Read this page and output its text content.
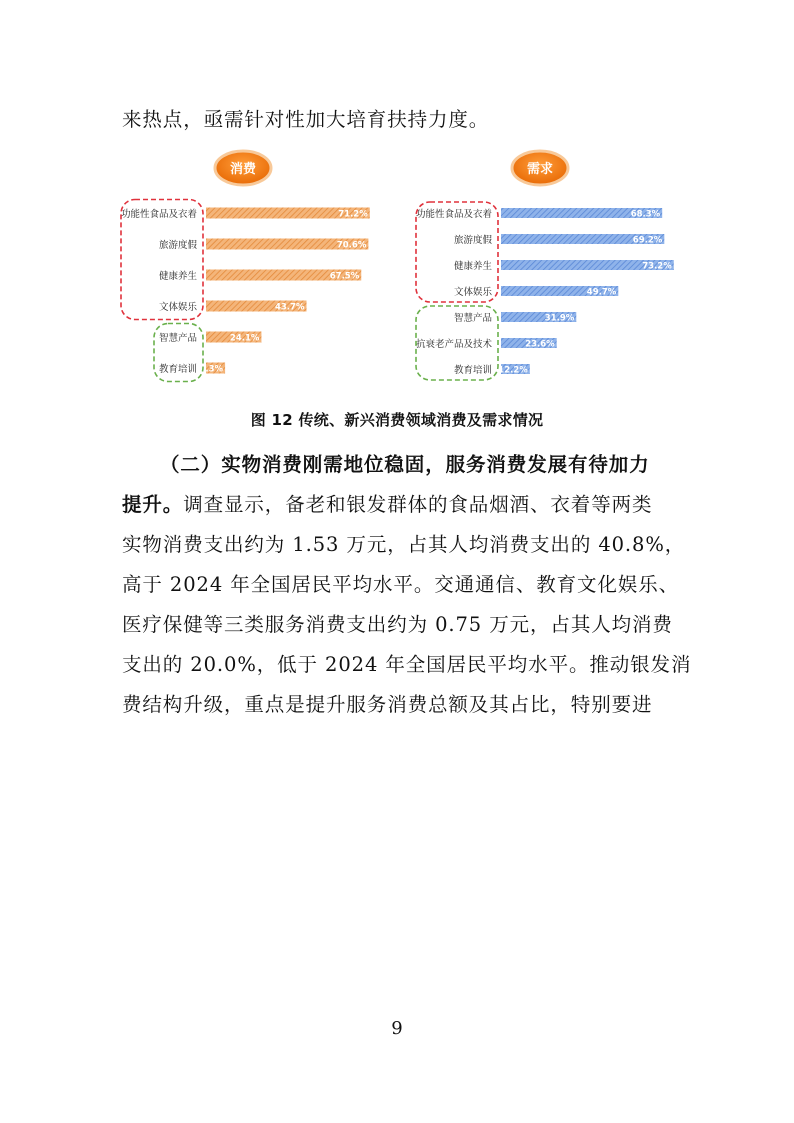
来热点，亟需针对性加大培育扶持力度。
消费
功能性食品及衣着	71.2%
旅游度假	70.6%
健康养生	67.5%
文体娱乐	43.7%
智慧产品	24.1%
教育培训 8.3%
需求
功能性食品及衣着	68.3%
旅游度假	69.2%
健康养生	73.2%
文体娱乐	49.7%
智慧产品	31.9%
抗衰老产品及技术	23.6%
教育培训 12.2%
图 12 传统、新兴消费领域消费及需求情况
（二）实物消费刚需地位稳固，服务消费发展有待加力
提升。调查显示，备老和银发群体的食品烟酒、衣着等两类
实物消费支出约为 1.53 万元，占其人均消费支出的 40.8%，
高于 2024 年全国居民平均水平。交通通信、教育文化娱乐、
医疗保健等三类服务消费支出约为 0.75 万元，占其人均消费
支出的 20.0%，低于 2024 年全国居民平均水平。推动银发消
费结构升级，重点是提升服务消费总额及其占比，特别要进
9
